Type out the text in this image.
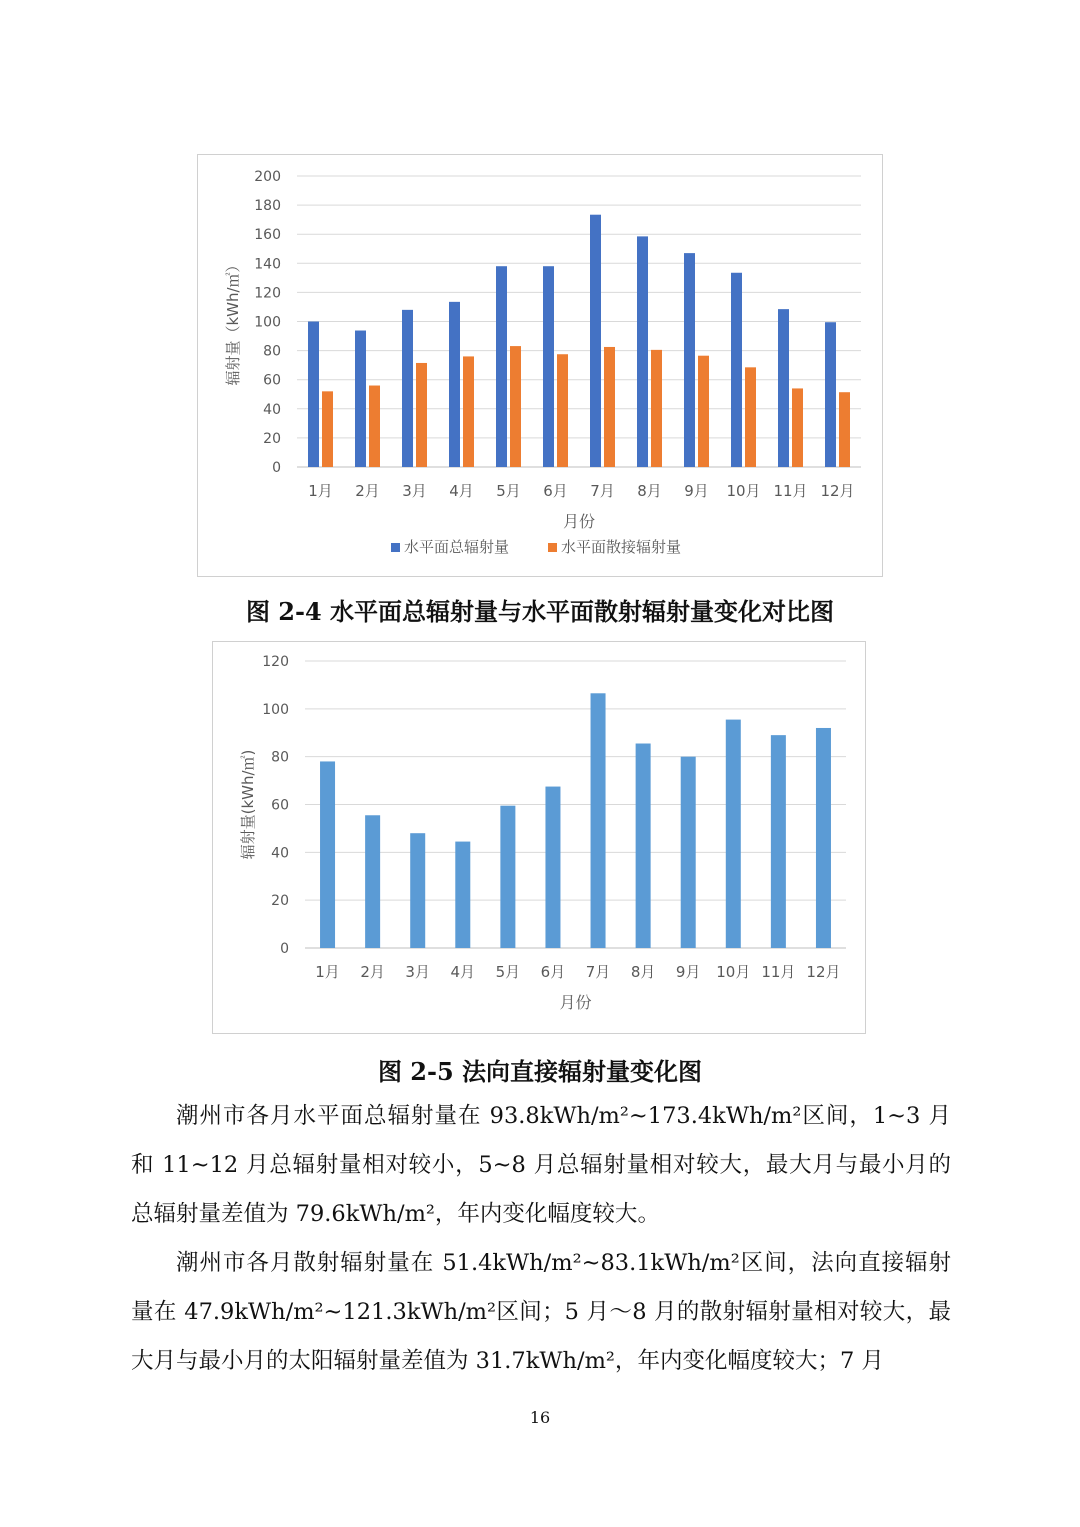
0
20
40
60
80
100
120
140
160
180
200
1月 2月 3月 4月 5月 6月 7月 8月 9月 10月 11月 12月
月份
辐射量（kWh/㎡）
水平面总辐射量	水平面散接辐射量
图 2-4 水平面总辐射量与水平面散射辐射量变化对比图
0
20
40
60
80
100
120
1月 2月 3月 4月 5月 6月 7月 8月 9月 10月 11月 12月
月份
辐射量(kWh/㎡)
图 2-5 法向直接辐射量变化图

潮州市各月水平面总辐射量在 93.8kWh/m²~173.4kWh/m²区间，1~3 月和 11~12 月总辐射量相对较小，5~8 月总辐射量相对较大，最大月与最小月的总辐射量差值为 79.6kWh/m²，年内变化幅度较大。

潮州市各月散射辐射量在 51.4kWh/m²~83.1kWh/m²区间，法向直接辐射量在 47.9kWh/m²~121.3kWh/m²区间；5 月～8 月的散射辐射量相对较大，最大月与最小月的太阳辐射量差值为 31.7kWh/m²，年内变化幅度较大；7 月

16
